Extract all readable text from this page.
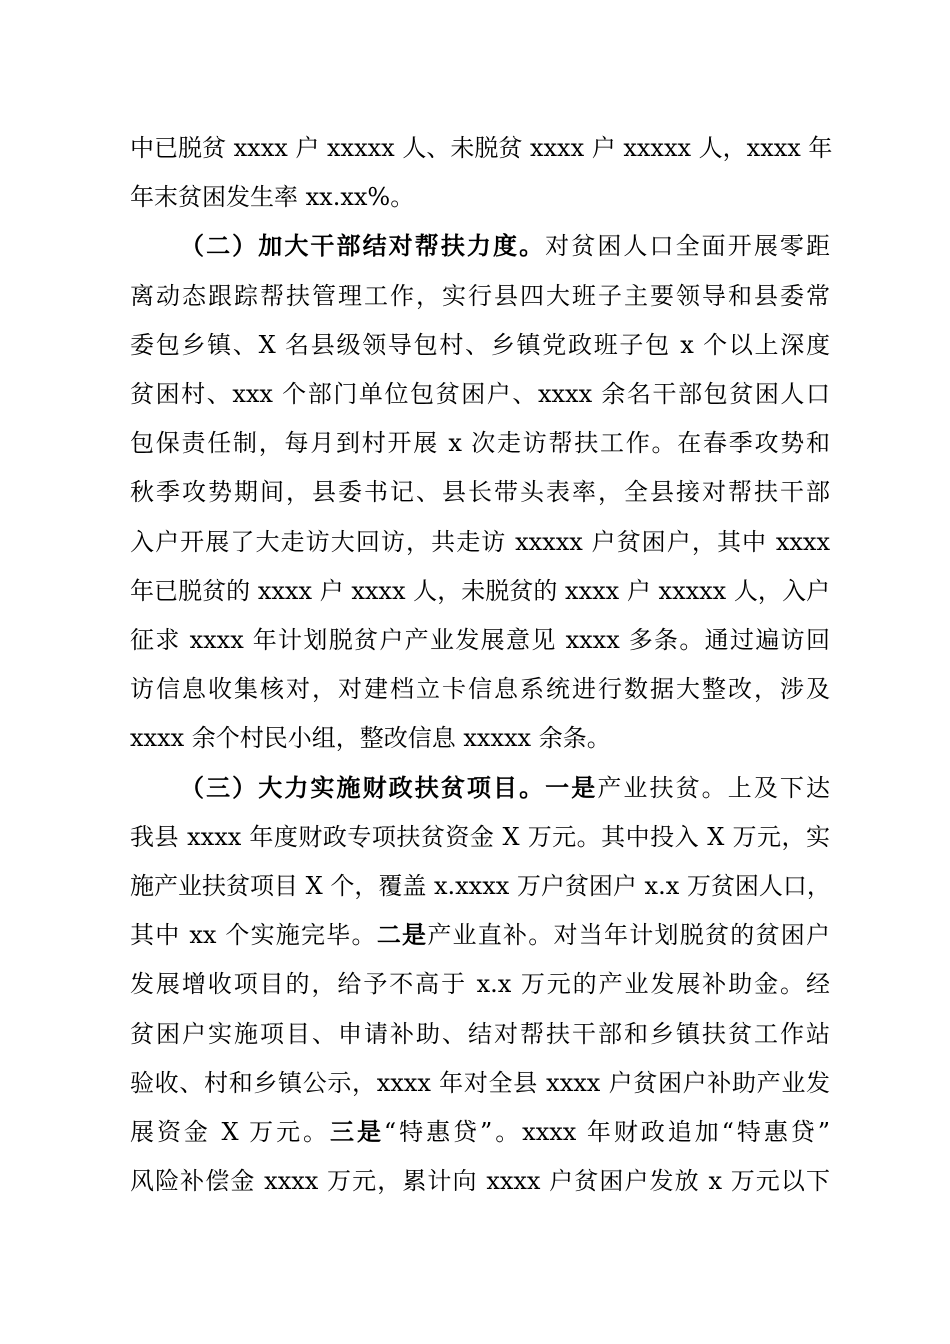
中已脱贫 xxxx 户 xxxxx 人、未脱贫 xxxx 户 xxxxx 人，xxxx 年
年末贫困发生率 xx.xx%。
（二）加大干部结对帮扶力度。对贫困人口全面开展零距
离动态跟踪帮扶管理工作，实行县四大班子主要领导和县委常
委包乡镇、X 名县级领导包村、乡镇党政班子包 x 个以上深度
贫困村、xxx 个部门单位包贫困户、xxxx 余名干部包贫困人口
包保责任制，每月到村开展 x 次走访帮扶工作。在春季攻势和
秋季攻势期间，县委书记、县长带头表率，全县接对帮扶干部
入户开展了大走访大回访，共走访 xxxxx 户贫困户，其中 xxxx
年已脱贫的 xxxx 户 xxxx 人，未脱贫的 xxxx 户 xxxxx 人，入户
征求 xxxx 年计划脱贫户产业发展意见 xxxx 多条。通过遍访回
访信息收集核对，对建档立卡信息系统进行数据大整改，涉及
xxxx 余个村民小组，整改信息 xxxxx 余条。
（三）大力实施财政扶贫项目。一是产业扶贫。上及下达
我县 xxxx 年度财政专项扶贫资金 X 万元。其中投入 X 万元，实
施产业扶贫项目 X 个，覆盖 x.xxxx 万户贫困户 x.x 万贫困人口，
其中 xx 个实施完毕。二是产业直补。对当年计划脱贫的贫困户
发展增收项目的，给予不高于 x.x 万元的产业发展补助金。经
贫困户实施项目、申请补助、结对帮扶干部和乡镇扶贫工作站
验收、村和乡镇公示，xxxx 年对全县 xxxx 户贫困户补助产业发
展资金 X 万元。三是“特惠贷”。xxxx 年财政追加“特惠贷”
风险补偿金 xxxx 万元，累计向 xxxx 户贫困户发放 x 万元以下
